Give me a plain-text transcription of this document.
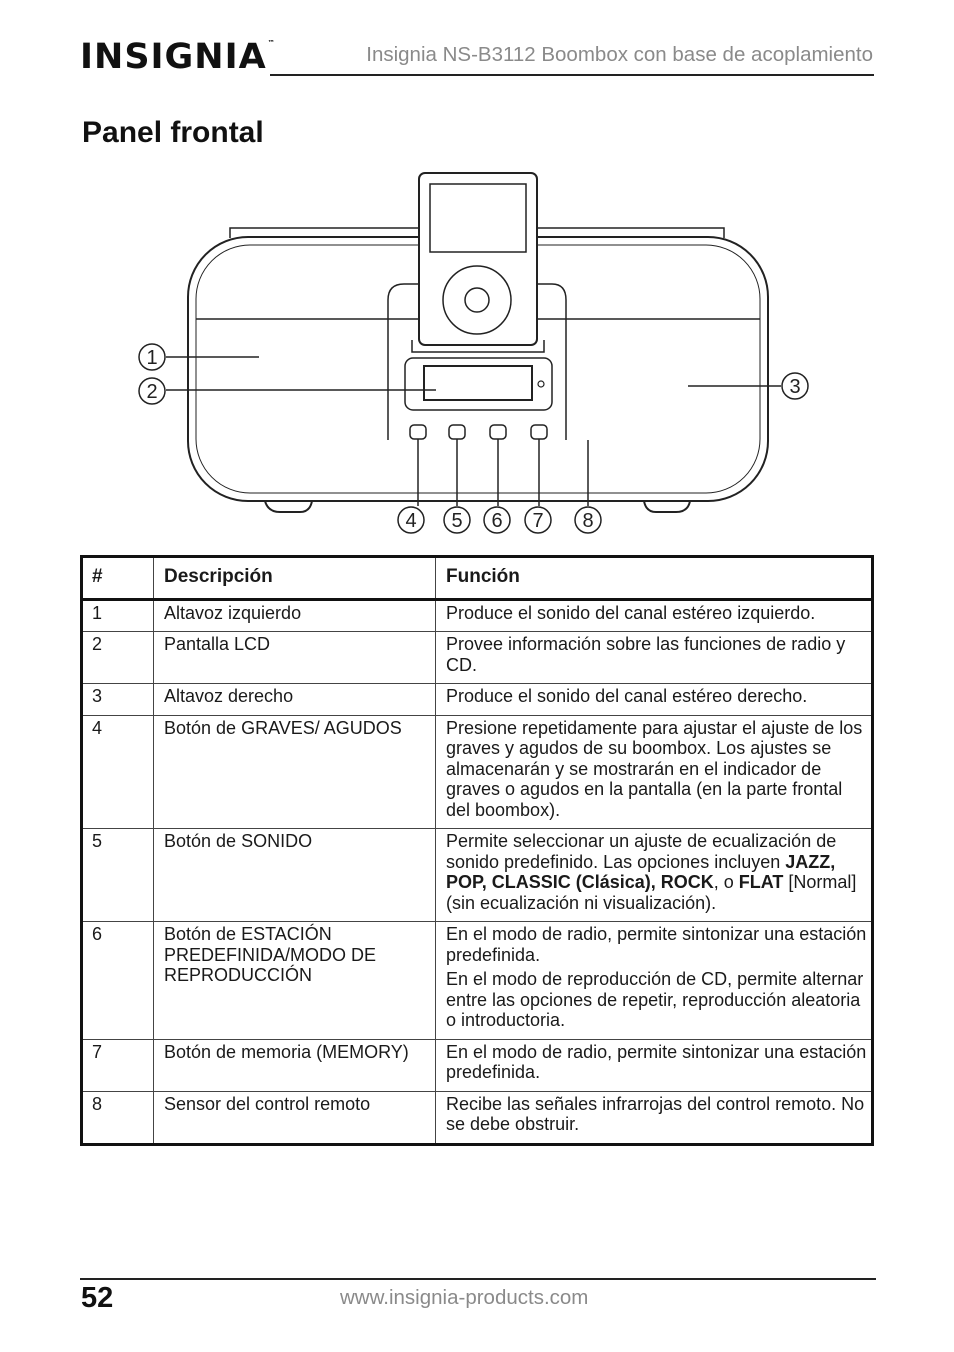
INSIGNIA™	Insignia NS-B3112 Boombox con base de acoplamiento
Panel frontal
1
2	3
4 5 6 7 8
#	Descripción	Función
1	Altavoz izquierdo	Produce el sonido del canal estéreo izquierdo.

2	Pantalla LCD	Provee información sobre las funciones de radio y CD.

3	Altavoz derecho	Produce el sonido del canal estéreo derecho.

4	Botón de GRAVES/ AGUDOS	Presione repetidamente para ajustar el ajuste de los graves y agudos de su boombox. Los ajustes se almacenarán y se mostrarán en el indicador de graves o agudos en la pantalla (en la parte frontal del boombox).

5	Botón de SONIDO	Permite seleccionar un ajuste de ecualización de sonido predefinido. Las opciones incluyen JAZZ, POP, CLASSIC (Clásica), ROCK, o FLAT [Normal] (sin ecualización ni visualización).
6	Botón de ESTACIÓN PREDEFINIDA/MODO DE REPRODUCCIÓN	En el modo de radio, permite sintonizar una estación predefinida.
En el modo de reproducción de CD, permite alternar entre las opciones de repetir, reproducción aleatoria o introductoria.

7	Botón de memoria (MEMORY)	En el modo de radio, permite sintonizar una estación predefinida.

8	Sensor del control remoto	Recibe las señales infrarrojas del control remoto. No se debe obstruir.
52	www.insignia-products.com
